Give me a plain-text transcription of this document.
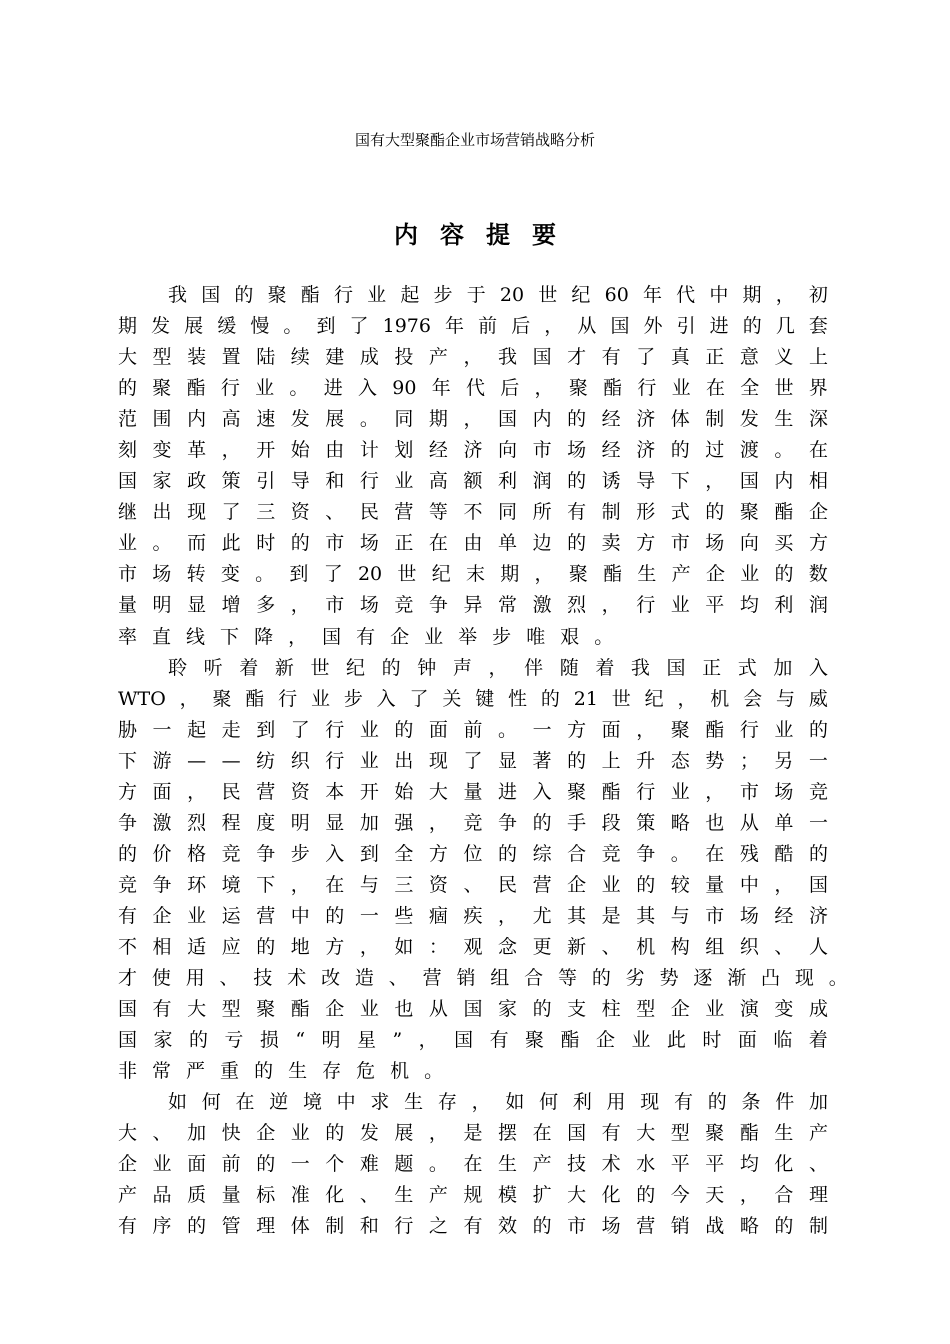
国有大型聚酯企业市场营销战略分析
内 容 提 要
我 国 的 聚 酯 行 业 起 步 于 20 世 纪 60 年 代 中 期 ， 初
期 发 展 缓 慢 。 到 了 1976 年 前 后 ， 从 国 外 引 进 的 几 套
大 型 装 置 陆 续 建 成 投 产 ， 我 国 才 有 了 真 正 意 义 上
的 聚 酯 行 业 。 进 入 90 年 代 后 ， 聚 酯 行 业 在 全 世 界
范 围 内 高 速 发 展 。 同 期 ， 国 内 的 经 济 体 制 发 生 深
刻 变 革 ， 开 始 由 计 划 经 济 向 市 场 经 济 的 过 渡 。 在
国 家 政 策 引 导 和 行 业 高 额 利 润 的 诱 导 下 ， 国 内 相
继 出 现 了 三 资 、 民 营 等 不 同 所 有 制 形 式 的 聚 酯 企
业 。 而 此 时 的 市 场 正 在 由 单 边 的 卖 方 市 场 向 买 方
市 场 转 变 。 到 了 20 世 纪 末 期 ， 聚 酯 生 产 企 业 的 数
量 明 显 增 多 ， 市 场 竞 争 异 常 激 烈 ， 行 业 平 均 利 润
率 直 线 下 降 ， 国 有 企 业 举 步 唯 艰 。
聆 听 着 新 世 纪 的 钟 声 ， 伴 随 着 我 国 正 式 加 入
WTO ， 聚 酯 行 业 步 入 了 关 键 性 的 21 世 纪 ， 机 会 与 威
胁 一 起 走 到 了 行 业 的 面 前 。 一 方 面 ， 聚 酯 行 业 的
下 游 — — 纺 织 行 业 出 现 了 显 著 的 上 升 态 势 ； 另 一
方 面 ， 民 营 资 本 开 始 大 量 进 入 聚 酯 行 业 ， 市 场 竞
争 激 烈 程 度 明 显 加 强 ， 竞 争 的 手 段 策 略 也 从 单 一
的 价 格 竞 争 步 入 到 全 方 位 的 综 合 竞 争 。 在 残 酷 的
竞 争 环 境 下 ， 在 与 三 资 、 民 营 企 业 的 较 量 中 ， 国
有 企 业 运 营 中 的 一 些 痼 疾 ， 尤 其 是 其 与 市 场 经 济
不 相 适 应 的 地 方 ， 如 ： 观 念 更 新 、 机 构 组 织 、 人
才 使 用 、 技 术 改 造 、 营 销 组 合 等 的 劣 势 逐 渐 凸 现 。
国 有 大 型 聚 酯 企 业 也 从 国 家 的 支 柱 型 企 业 演 变 成
国 家 的 亏 损 “ 明 星 ” ， 国 有 聚 酯 企 业 此 时 面 临 着
非 常 严 重 的 生 存 危 机 。
如 何 在 逆 境 中 求 生 存 ， 如 何 利 用 现 有 的 条 件 加
大 、 加 快 企 业 的 发 展 ， 是 摆 在 国 有 大 型 聚 酯 生 产
企 业 面 前 的 一 个 难 题 。 在 生 产 技 术 水 平 平 均 化 、
产 品 质 量 标 准 化 、 生 产 规 模 扩 大 化 的 今 天 ， 合 理
有 序 的 管 理 体 制 和 行 之 有 效 的 市 场 营 销 战 略 的 制
